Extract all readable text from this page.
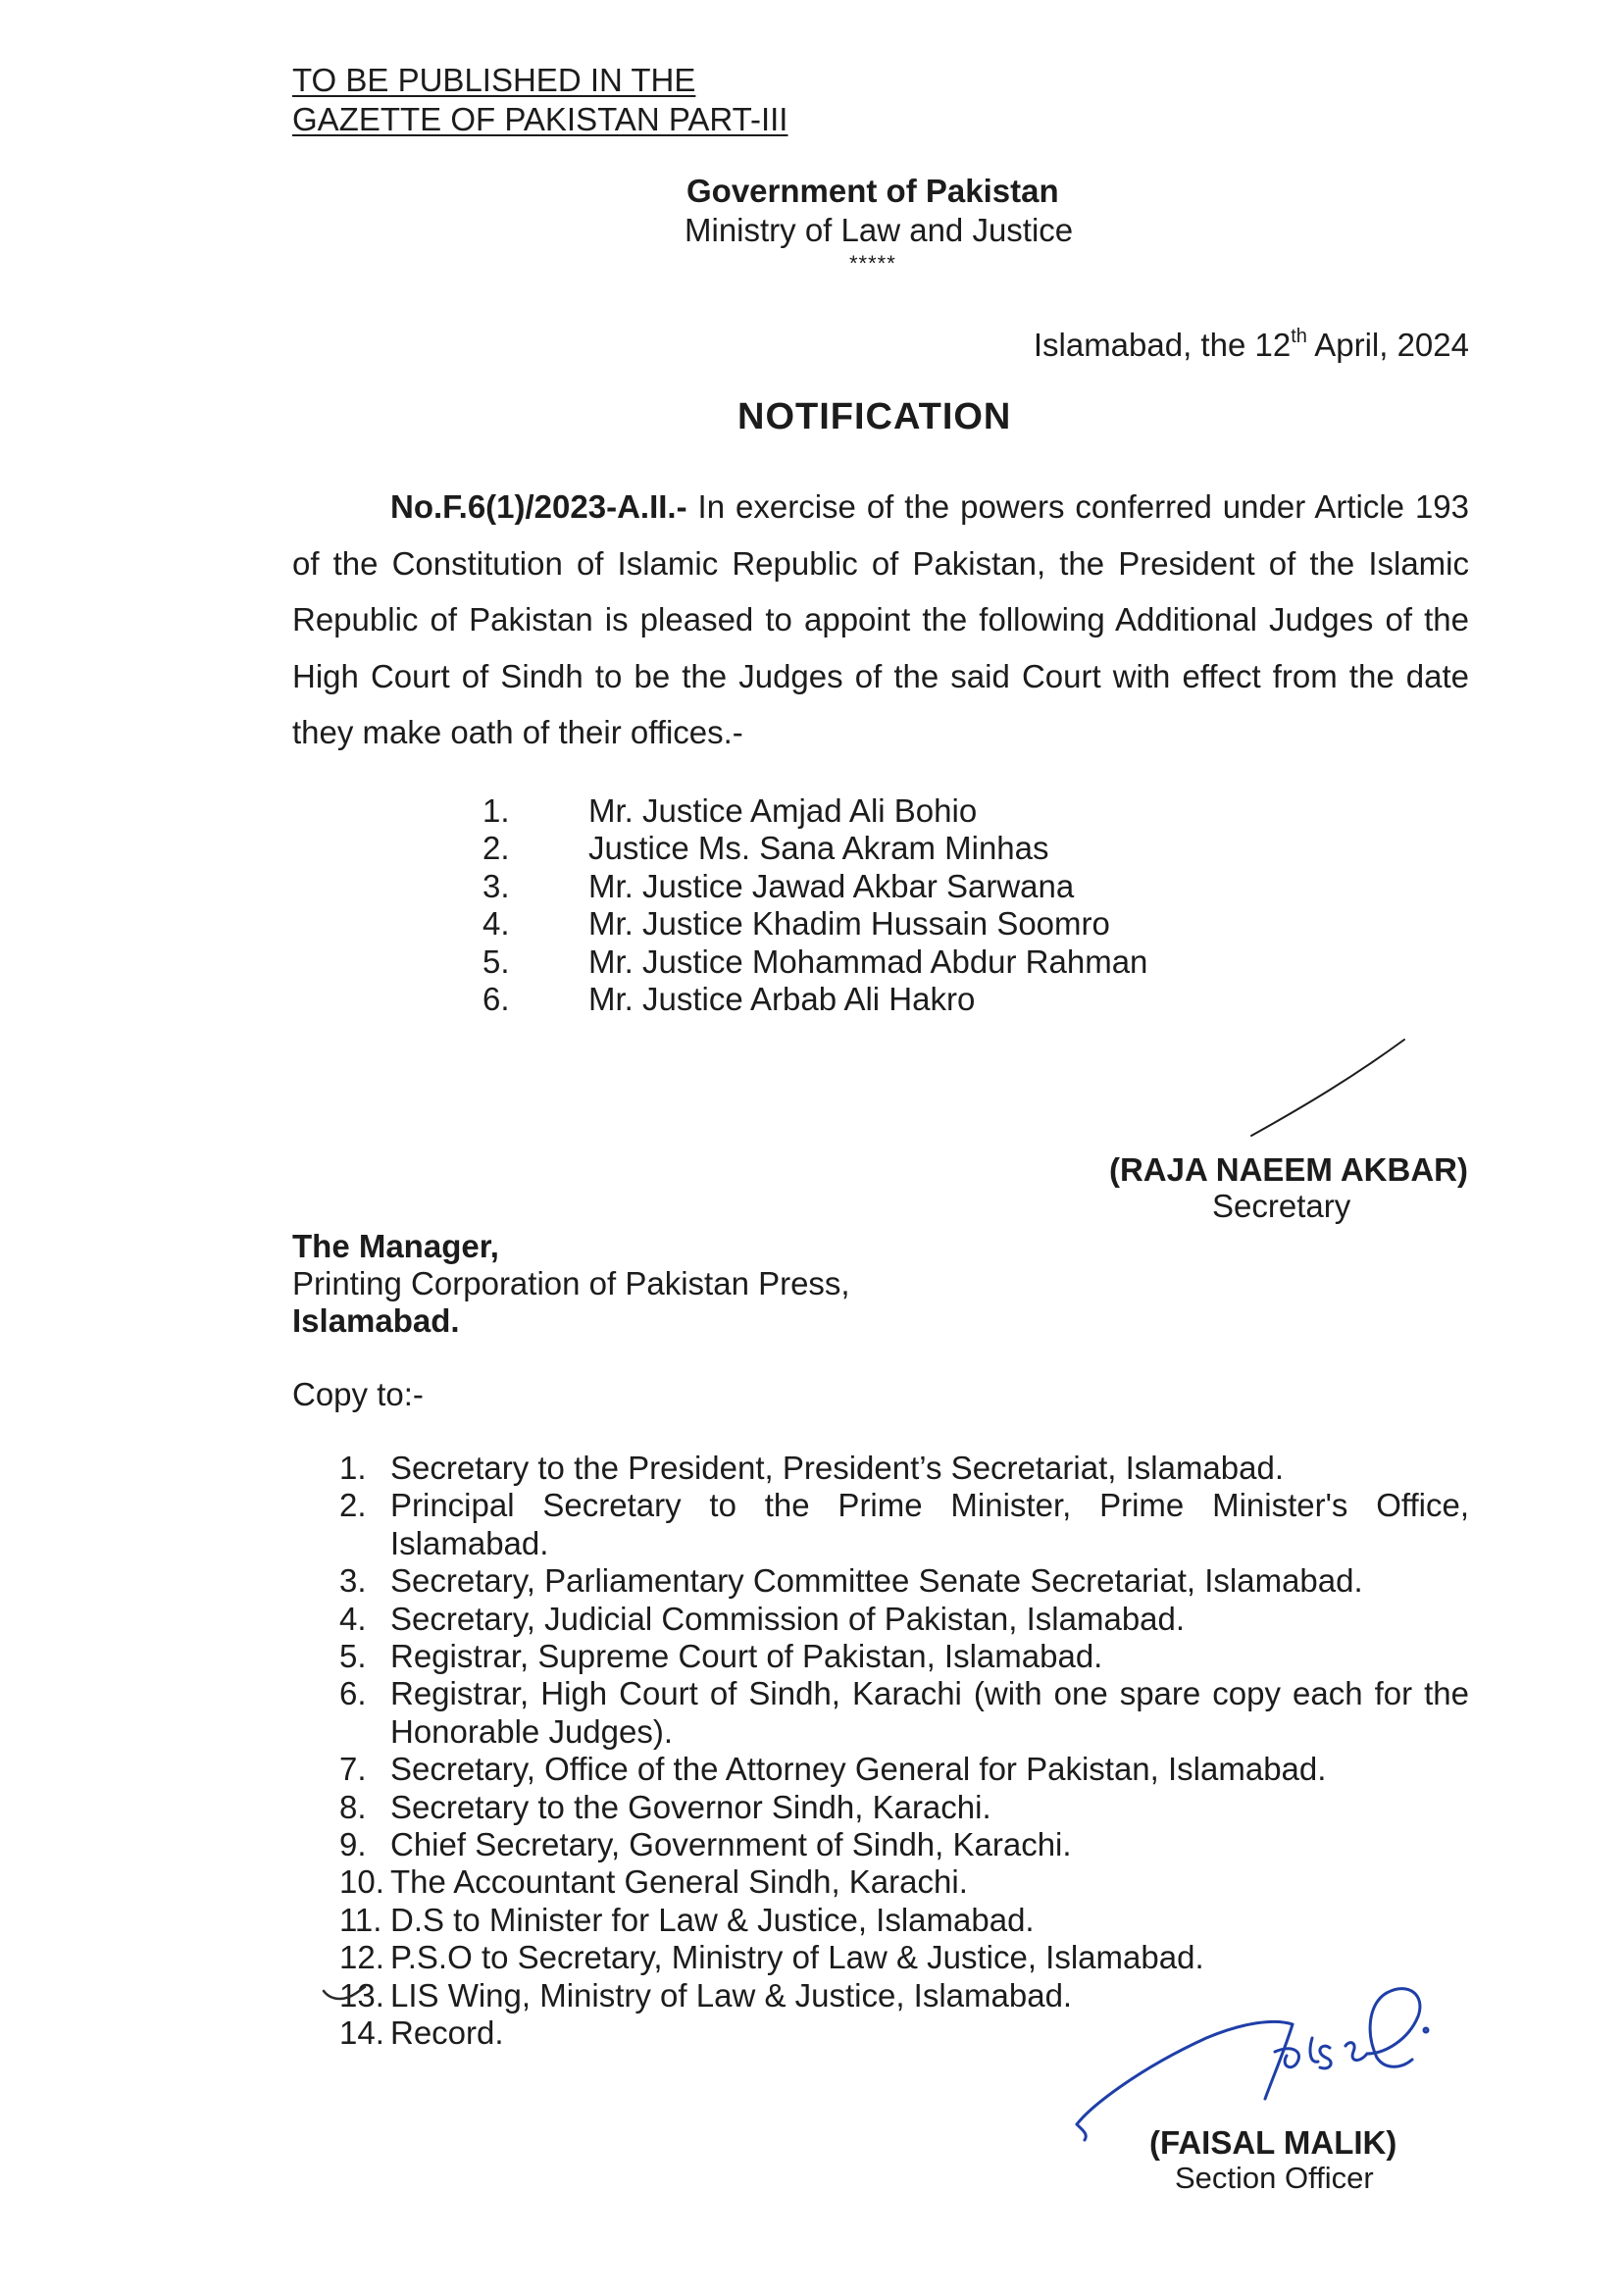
TO BE PUBLISHED IN THE
GAZETTE OF PAKISTAN PART-III
Government of Pakistan
Ministry of Law and Justice
*****
Islamabad, the 12th April, 2024
NOTIFICATION
No.F.6(1)/2023-A.II.- In exercise of the powers conferred under Article 193 of the Constitution of Islamic Republic of Pakistan, the President of the Islamic Republic of Pakistan is pleased to appoint the following Additional Judges of the High Court of Sindh to be the Judges of the said Court with effect from the date they make oath of their offices.-
1.	Mr. Justice Amjad Ali Bohio
2.	Justice Ms. Sana Akram Minhas
3.	Mr. Justice Jawad Akbar Sarwana
4.	Mr. Justice Khadim Hussain Soomro
5.	Mr. Justice Mohammad Abdur Rahman
6.	Mr. Justice Arbab Ali Hakro
(RAJA NAEEM AKBAR)
Secretary
The Manager,
Printing Corporation of Pakistan Press,
Islamabad.
Copy to:-
1. Secretary to the President, President’s Secretariat, Islamabad.
2. Principal Secretary to the Prime Minister, Prime Minister's Office, Islamabad.
3. Secretary, Parliamentary Committee Senate Secretariat, Islamabad.
4. Secretary, Judicial Commission of Pakistan, Islamabad.
5. Registrar, Supreme Court of Pakistan, Islamabad.
6. Registrar, High Court of Sindh, Karachi (with one spare copy each for the Honorable Judges).
7. Secretary, Office of the Attorney General for Pakistan, Islamabad.
8. Secretary to the Governor Sindh, Karachi.
9. Chief Secretary, Government of Sindh, Karachi.
10. The Accountant General Sindh, Karachi.
11. D.S to Minister for Law & Justice, Islamabad.
12. P.S.O to Secretary, Ministry of Law & Justice, Islamabad.
13. LIS Wing, Ministry of Law & Justice, Islamabad.
14. Record.
(FAISAL MALIK)
Section Officer
